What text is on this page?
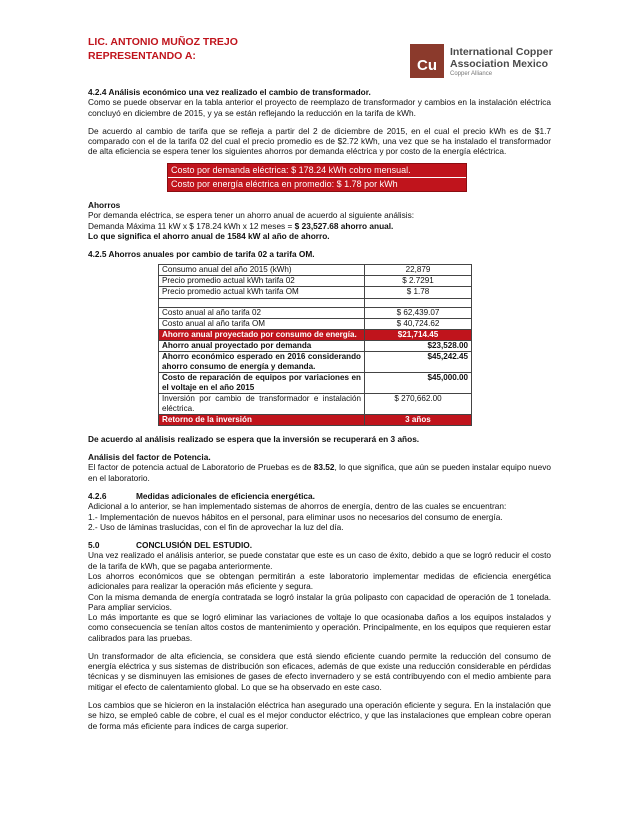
LIC. ANTONIO MUÑOZ TREJO
REPRESENTANDO A:
Cu
International Copper
Association Mexico
Copper Alliance

4.2.4 Análisis económico una vez realizado el cambio de transformador.

Como se puede observar en la tabla anterior el proyecto de reemplazo de transformador y cambios en la instalación eléctrica concluyó en diciembre de 2015, y ya se están reflejando la reducción en la tarifa de kWh.

De acuerdo al cambio de tarifa que se refleja a partir del 2 de diciembre de 2015, en el cual el precio kWh es de $1.7 comparado con el de la tarifa 02 del cual el precio promedio es de $2.72 kWh, una vez que se ha instalado el transformador de alta eficiencia se espera tener los siguientes ahorros por demanda eléctrica y por costo de la energía eléctrica.

Costo por demanda eléctrica: $ 178.24 kWh cobro mensual.
Costo por energía eléctrica en promedio: $ 1.78 por kWh

Ahorros

Por demanda eléctrica, se espera tener un ahorro anual de acuerdo al siguiente análisis:

Demanda Máxima 11 kW x $ 178.24 kWh x 12 meses = $ 23,527.68 ahorro anual.

Lo que significa el ahorro anual de 1584 kW al año de ahorro.

4.2.5 Ahorros anuales por cambio de tarifa 02 a tarifa OM.

Consumo anual del año 2015 (kWh)	22,879
Precio promedio actual kWh tarifa 02	$ 2.7291
Precio promedio actual kWh tarifa OM	$ 1.78

Costo anual al año tarifa 02	$ 62,439.07
Costo anual al año tarifa OM	$ 40,724.62
Ahorro anual proyectado por consumo de energía.	$21,714.45
Ahorro anual proyectado por demanda	$23,528.00
Ahorro económico esperado en 2016 considerando ahorro consumo de energía y demanda.	$45,242.45
Costo de reparación de equipos por variaciones en el voltaje en el año 2015	$45,000.00
Inversión por cambio de transformador e instalación eléctrica.	$ 270,662.00
Retorno de la inversión	3 años

De acuerdo al análisis realizado se espera que la inversión se recuperará en 3 años.

Análisis del factor de Potencia.

El factor de potencia actual de Laboratorio de Pruebas es de 83.52, lo que significa, que aún se pueden instalar equipo nuevo en el laboratorio.

4.2.6	Medidas adicionales de eficiencia energética.

Adicional a lo anterior, se han implementado sistemas de ahorros de energía, dentro de las cuales se encuentran:

1.- Implementación de nuevos hábitos en el personal, para eliminar usos no necesarios del consumo de energía.

2.- Uso de láminas traslucidas, con el fin de aprovechar la luz del día.

5.0	CONCLUSIÓN DEL ESTUDIO.

Una vez realizado el análisis anterior, se puede constatar que este es un caso de éxito, debido a que se logró reducir el costo de la tarifa de kWh, que se pagaba anteriormente.

Los ahorros económicos que se obtengan permitirán a este laboratorio implementar medidas de eficiencia energética adicionales para realizar la operación más eficiente y segura.

Con la misma demanda de energía contratada se logró instalar la grúa polipasto con capacidad de operación de 1 tonelada. Para ampliar servicios.

Lo más importante es que se logró eliminar las variaciones de voltaje lo que ocasionaba daños a los equipos instalados y como consecuencia se tenían altos costos de mantenimiento y operación. Principalmente, en los equipos que requieren estar calibrados para las pruebas.

Un transformador de alta eficiencia, se considera que está siendo eficiente cuando permite la reducción del consumo de energía eléctrica y sus sistemas de distribución son eficaces, además de que existe una reducción considerable en pérdidas técnicas y se disminuyen las emisiones de gases de efecto invernadero y se está contribuyendo con el medio ambiente para mitigar el efecto de calentamiento global. Lo que se ha observado en este caso.

Los cambios que se hicieron en la instalación eléctrica han asegurado una operación eficiente y segura. En la instalación que se hizo, se empleó cable de cobre, el cual es el mejor conductor eléctrico, y que las instalaciones que emplean cobre operan de forma más eficiente para índices de carga superior.
